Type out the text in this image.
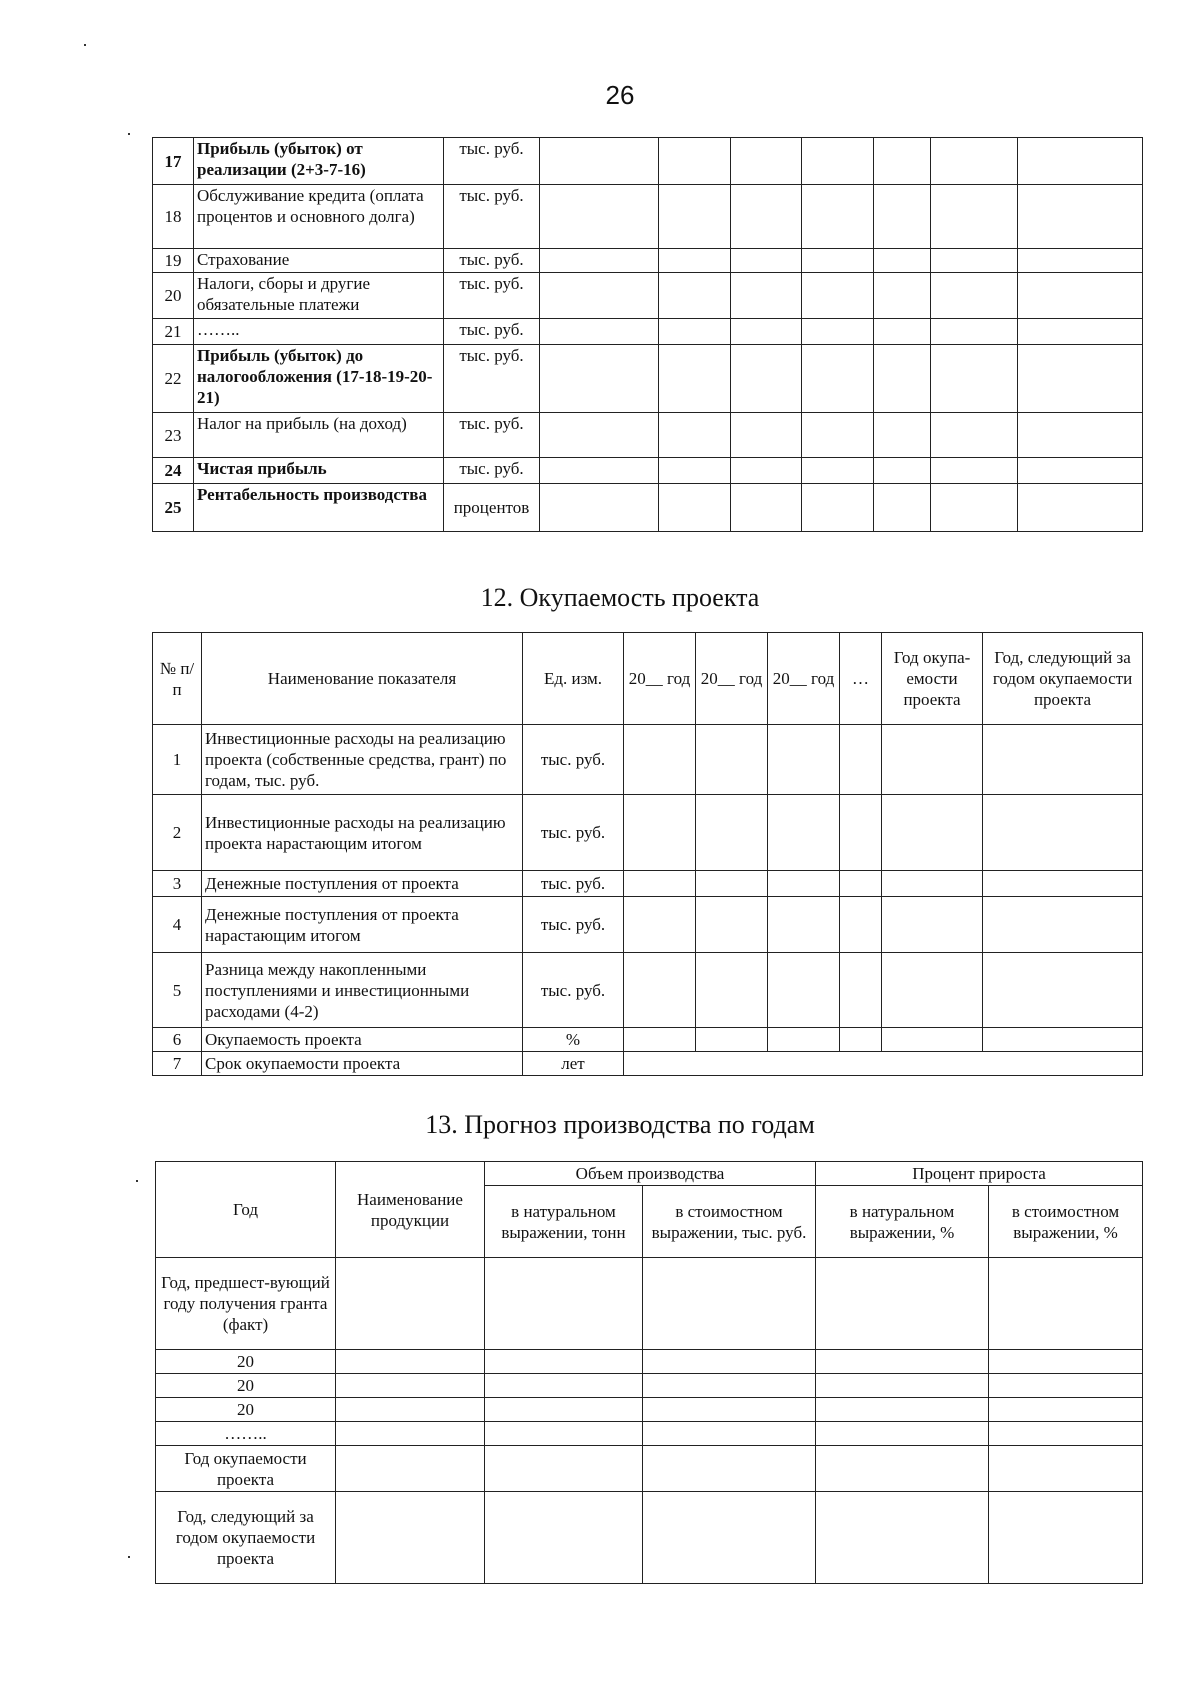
26
17	Прибыль (убыток) от реализации (2+3-7-16)	тыс. руб.							
18	Обслуживание кредита (оплата процентов и основного долга)	тыс. руб.							
19	Страхование	тыс. руб.							
20	Налоги, сборы и другие обязательные платежи	тыс. руб.							
21	……..	тыс. руб.							
22	Прибыль (убыток) до налогообложения (17-18-19-20-21)	тыс. руб.							
23	Налог на прибыль (на доход)	тыс. руб.							
24	Чистая прибыль	тыс. руб.							
25	Рентабельность производства	процентов							
12. Окупаемость проекта
№ п/п	Наименование показателя	Ед. изм.	20__ год	20__ год	20__ год	…	Год окупа-емости проекта	Год, следующий за годом окупаемости проекта
1	Инвестиционные расходы на реализацию проекта (собственные средства, грант) по годам, тыс. руб.	тыс. руб.						
2	Инвестиционные расходы на реализацию проекта нарастающим итогом	тыс. руб.						
3	Денежные поступления от проекта	тыс. руб.						
4	Денежные поступления от проекта нарастающим итогом	тыс. руб.						
5	Разница между накопленными поступлениями и инвестиционными расходами (4-2)	тыс. руб.						
6	Окупаемость проекта	%						
7	Срок окупаемости проекта	лет						
13. Прогноз производства по годам
Год	Наименование продукции	Объем производства		Процент прироста	
		в натуральном выражении, тонн	в стоимостном выражении, тыс. руб.	в натуральном выражении, %	в стоимостном выражении, %
Год, предшест-вующий году получения гранта (факт)					
20					
20					
20					
……..					
Год окупаемости проекта					
Год, следующий за годом окупаемости проекта					
